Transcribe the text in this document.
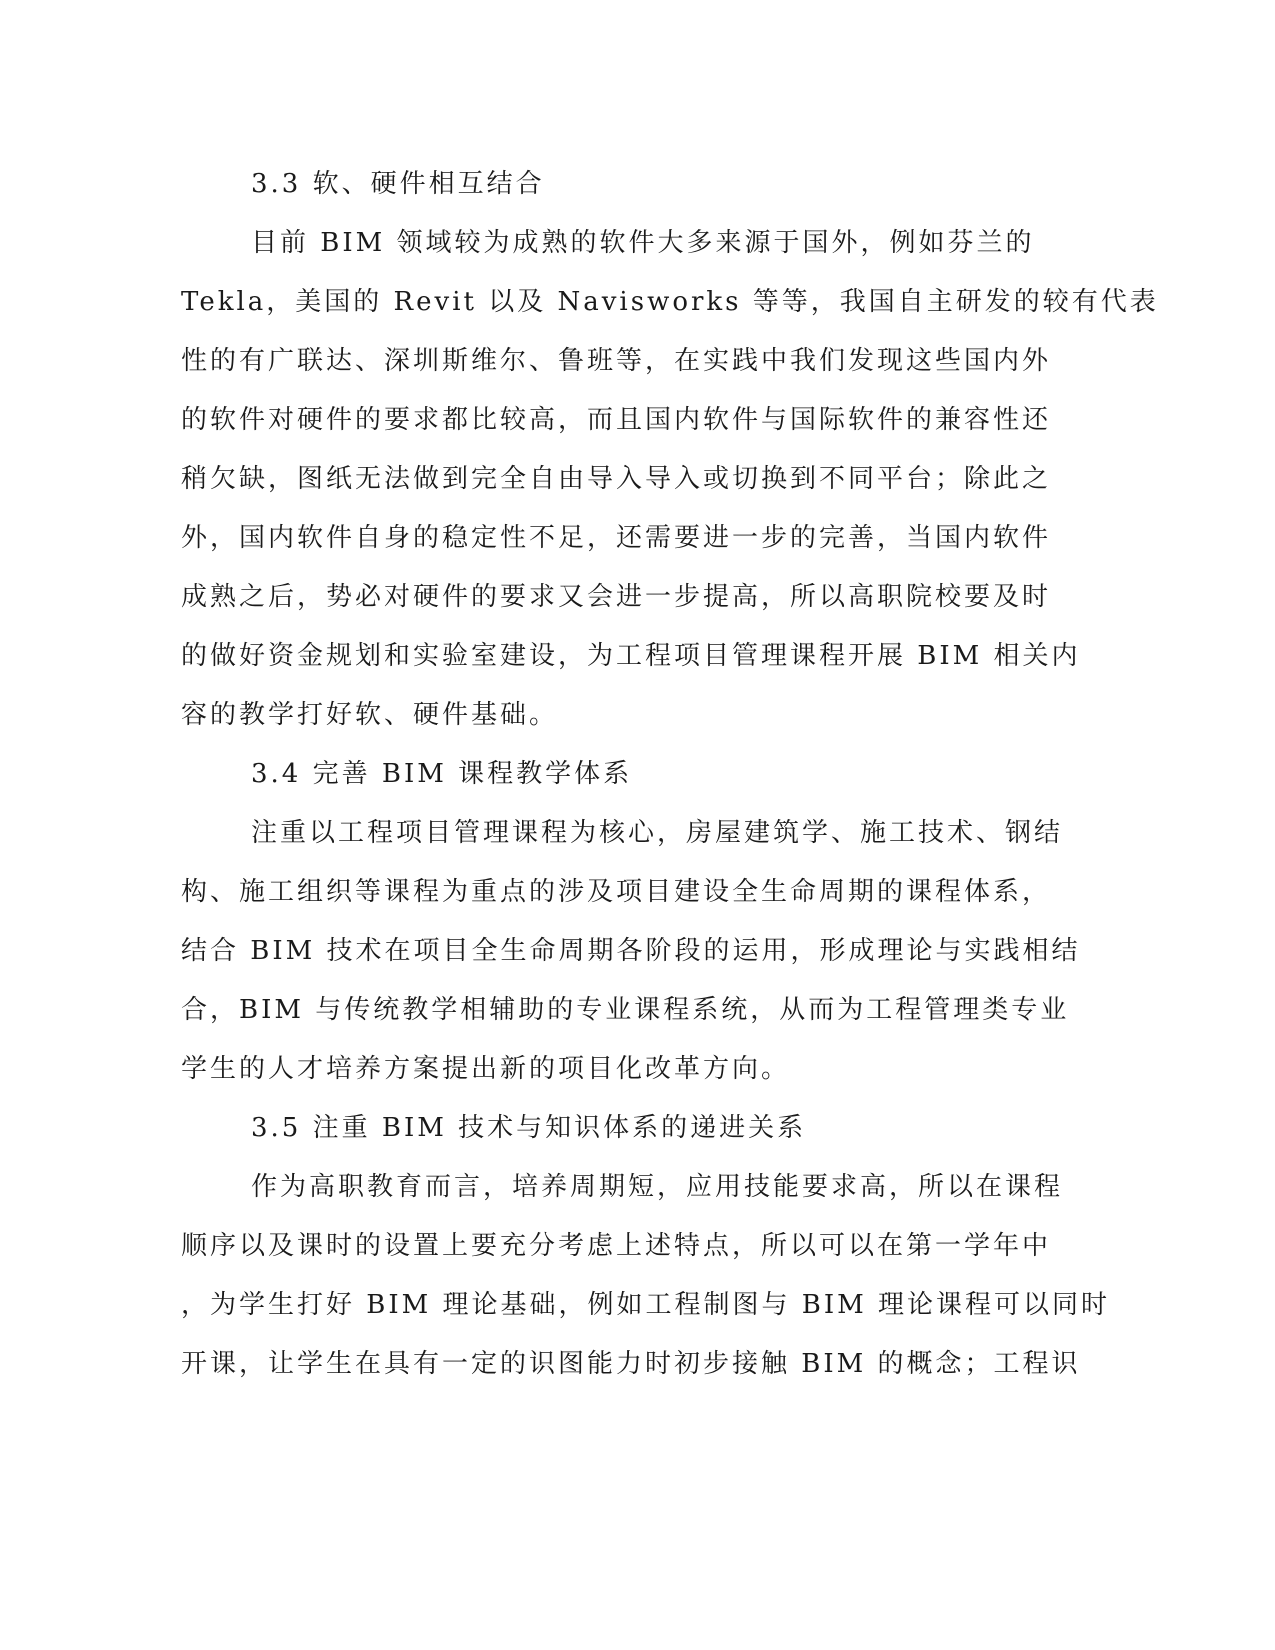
3.3 软、硬件相互结合
目前 BIM 领域较为成熟的软件大多来源于国外，例如芬兰的
Tekla，美国的 Revit 以及 Navisworks 等等，我国自主研发的较有代表
性的有广联达、深圳斯维尔、鲁班等，在实践中我们发现这些国内外
的软件对硬件的要求都比较高，而且国内软件与国际软件的兼容性还
稍欠缺，图纸无法做到完全自由导入导入或切换到不同平台；除此之
外，国内软件自身的稳定性不足，还需要进一步的完善，当国内软件
成熟之后，势必对硬件的要求又会进一步提高，所以高职院校要及时
的做好资金规划和实验室建设，为工程项目管理课程开展 BIM 相关内
容的教学打好软、硬件基础。
3.4 完善 BIM 课程教学体系
注重以工程项目管理课程为核心，房屋建筑学、施工技术、钢结
构、施工组织等课程为重点的涉及项目建设全生命周期的课程体系，
结合 BIM 技术在项目全生命周期各阶段的运用，形成理论与实践相结
合，BIM 与传统教学相辅助的专业课程系统，从而为工程管理类专业
学生的人才培养方案提出新的项目化改革方向。
3.5 注重 BIM 技术与知识体系的递进关系
作为高职教育而言，培养周期短，应用技能要求高，所以在课程
顺序以及课时的设置上要充分考虑上述特点，所以可以在第一学年中
，为学生打好 BIM 理论基础，例如工程制图与 BIM 理论课程可以同时
开课，让学生在具有一定的识图能力时初步接触 BIM 的概念；工程识
